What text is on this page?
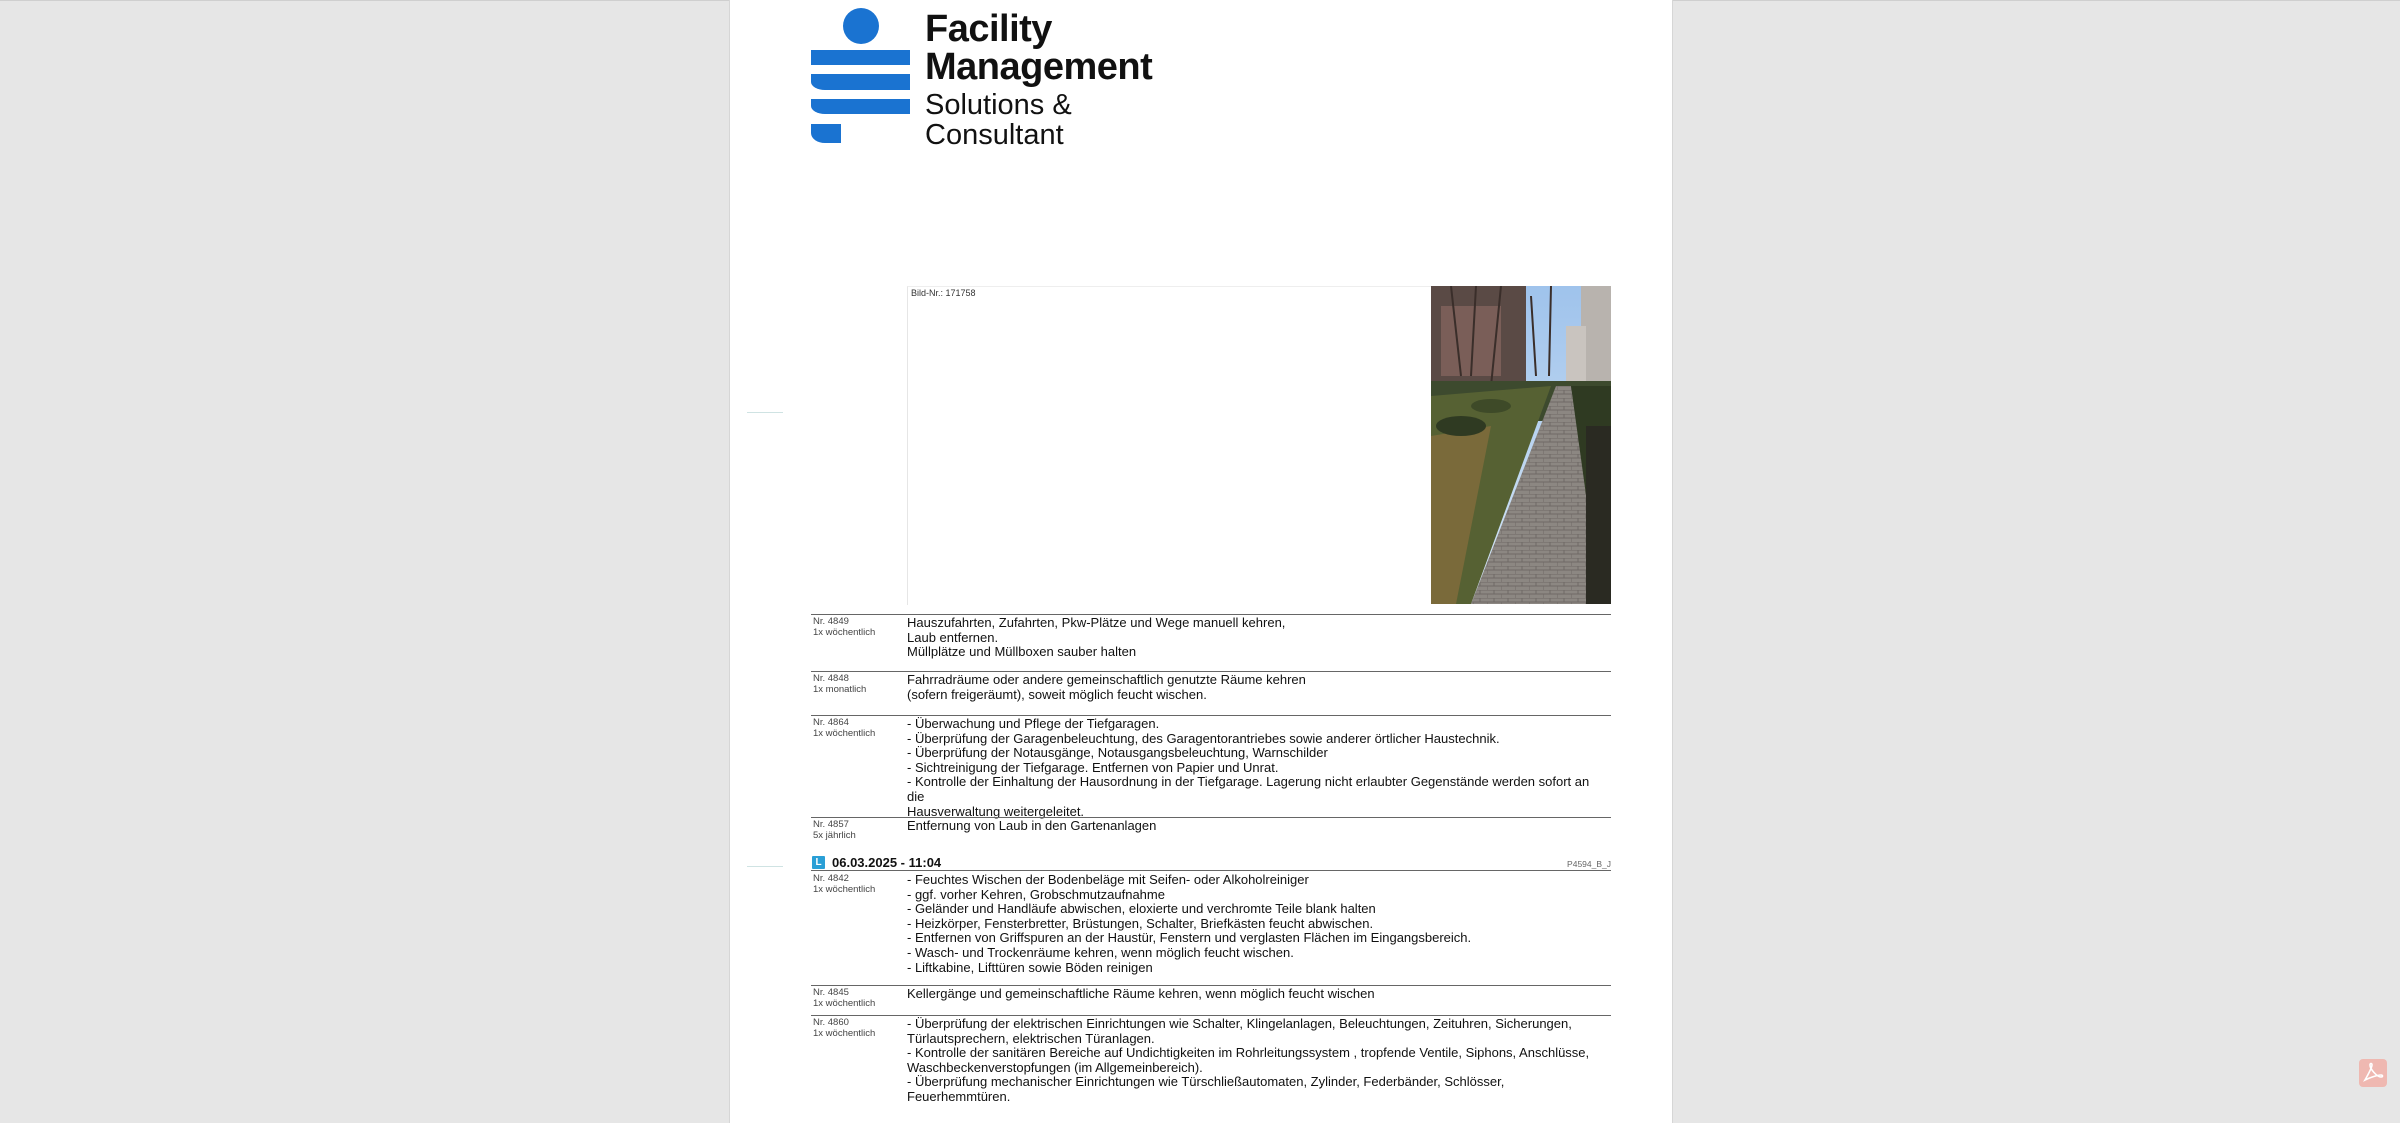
Facility
Management
Solutions &
Consultant
Bild-Nr.: 171758
Nr. 4849
1x wöchentlich
Hauszufahrten, Zufahrten, Pkw-Plätze und Wege manuell kehren,
Laub entfernen.
Müllplätze und Müllboxen sauber halten
Nr. 4848
1x monatlich
Fahrradräume oder andere gemeinschaftlich genutzte Räume kehren
(sofern freigeräumt), soweit möglich feucht wischen.
Nr. 4864
1x wöchentlich
- Überwachung und Pflege der Tiefgaragen.
- Überprüfung der Garagenbeleuchtung, des Garagentorantriebes sowie anderer örtlicher Haustechnik.
- Überprüfung der Notausgänge, Notausgangsbeleuchtung, Warnschilder
- Sichtreinigung der Tiefgarage. Entfernen von Papier und Unrat.
- Kontrolle der Einhaltung der Hausordnung in der Tiefgarage. Lagerung nicht erlaubter Gegenstände werden sofort an die
Hausverwaltung weitergeleitet.
Nr. 4857
5x jährlich
Entfernung von Laub in den Gartenanlagen
L 06.03.2025 - 11:04	P4594_B_J
Nr. 4842
1x wöchentlich
- Feuchtes Wischen der Bodenbeläge mit Seifen- oder Alkoholreiniger
- ggf. vorher Kehren, Grobschmutzaufnahme
- Geländer und Handläufe abwischen, eloxierte und verchromte Teile blank halten
- Heizkörper, Fensterbretter, Brüstungen, Schalter, Briefkästen feucht abwischen.
- Entfernen von Griffspuren an der Haustür, Fenstern und verglasten Flächen im Eingangsbereich.
- Wasch- und Trockenräume kehren, wenn möglich feucht wischen.
- Liftkabine, Lifttüren sowie Böden reinigen
Nr. 4845
1x wöchentlich
Kellergänge und gemeinschaftliche Räume kehren, wenn möglich feucht wischen
Nr. 4860
1x wöchentlich
- Überprüfung der elektrischen Einrichtungen wie Schalter, Klingelanlagen, Beleuchtungen, Zeituhren, Sicherungen,
Türlautsprechern, elektrischen Türanlagen.
- Kontrolle der sanitären Bereiche auf Undichtigkeiten im Rohrleitungssystem , tropfende Ventile, Siphons, Anschlüsse,
Waschbeckenverstopfungen (im Allgemeinbereich).
- Überprüfung mechanischer Einrichtungen wie Türschließautomaten, Zylinder, Federbänder, Schlösser, Feuerhemmtüren.
